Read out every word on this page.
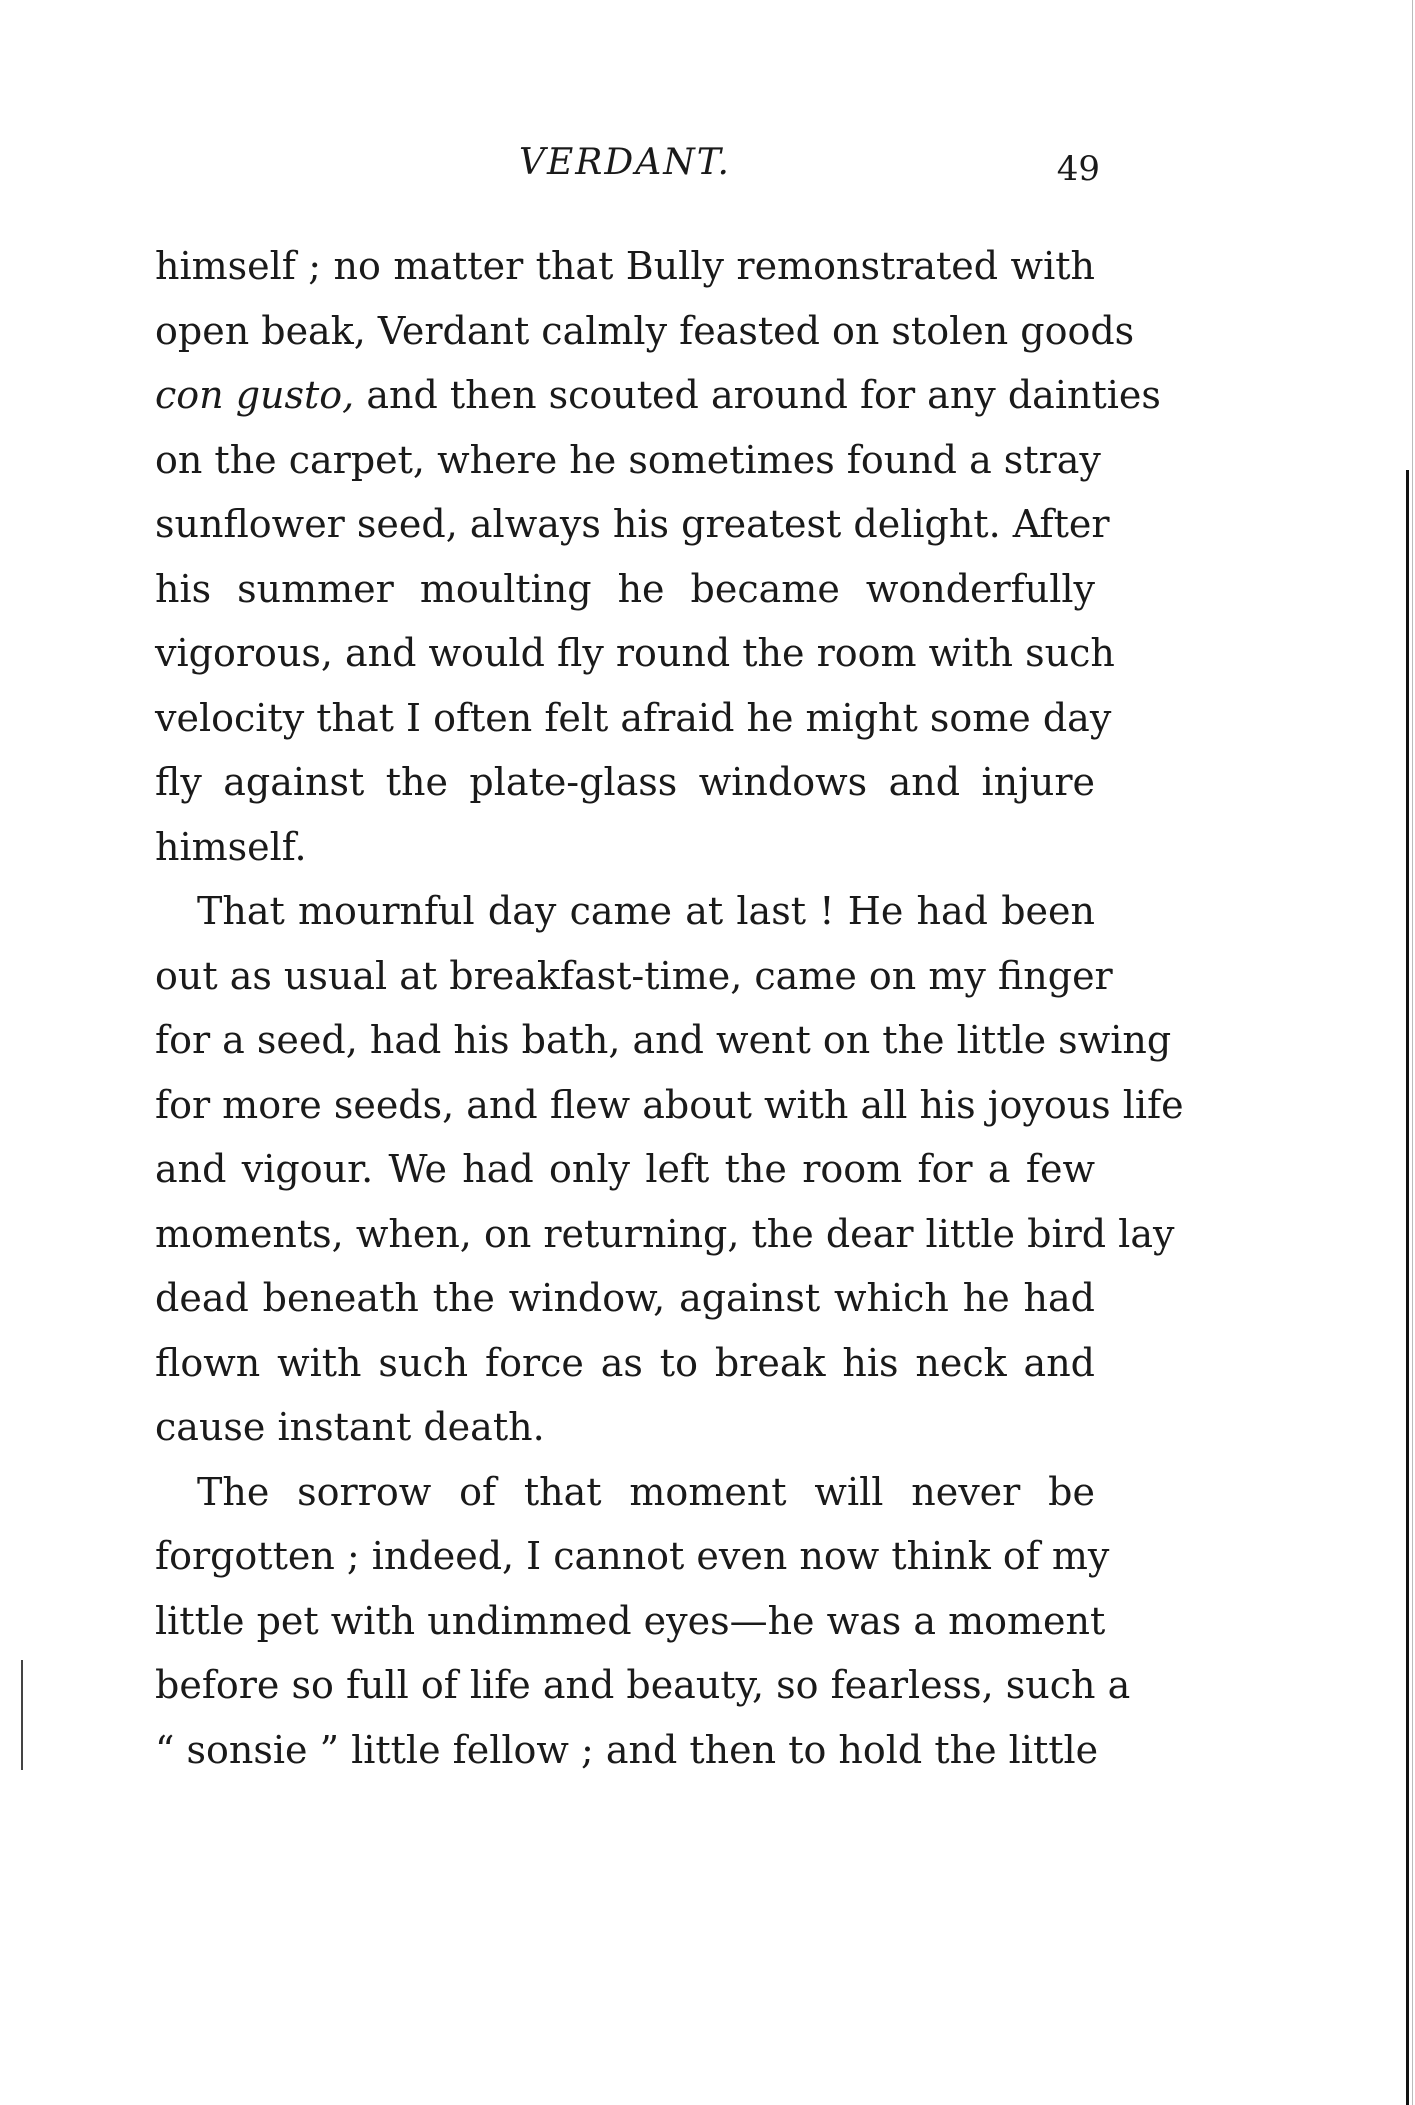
VERDANT.	49
himself ; no matter that Bully remonstrated with
open beak, Verdant calmly feasted on stolen goods
con gusto, and then scouted around for any dainties
on the carpet, where he sometimes found a stray
sunflower seed, always his greatest delight. After
his summer moulting he became wonderfully
vigorous, and would fly round the room with such
velocity that I often felt afraid he might some day
fly against the plate-glass windows and injure
himself.
That mournful day came at last ! He had been
out as usual at breakfast-time, came on my finger
for a seed, had his bath, and went on the little swing
for more seeds, and flew about with all his joyous life
and vigour. We had only left the room for a few
moments, when, on returning, the dear little bird lay
dead beneath the window, against which he had
flown with such force as to break his neck and
cause instant death.
The sorrow of that moment will never be
forgotten ; indeed, I cannot even now think of my
little pet with undimmed eyes—he was a moment
before so full of life and beauty, so fearless, such a
“ sonsie ” little fellow ; and then to hold the little
